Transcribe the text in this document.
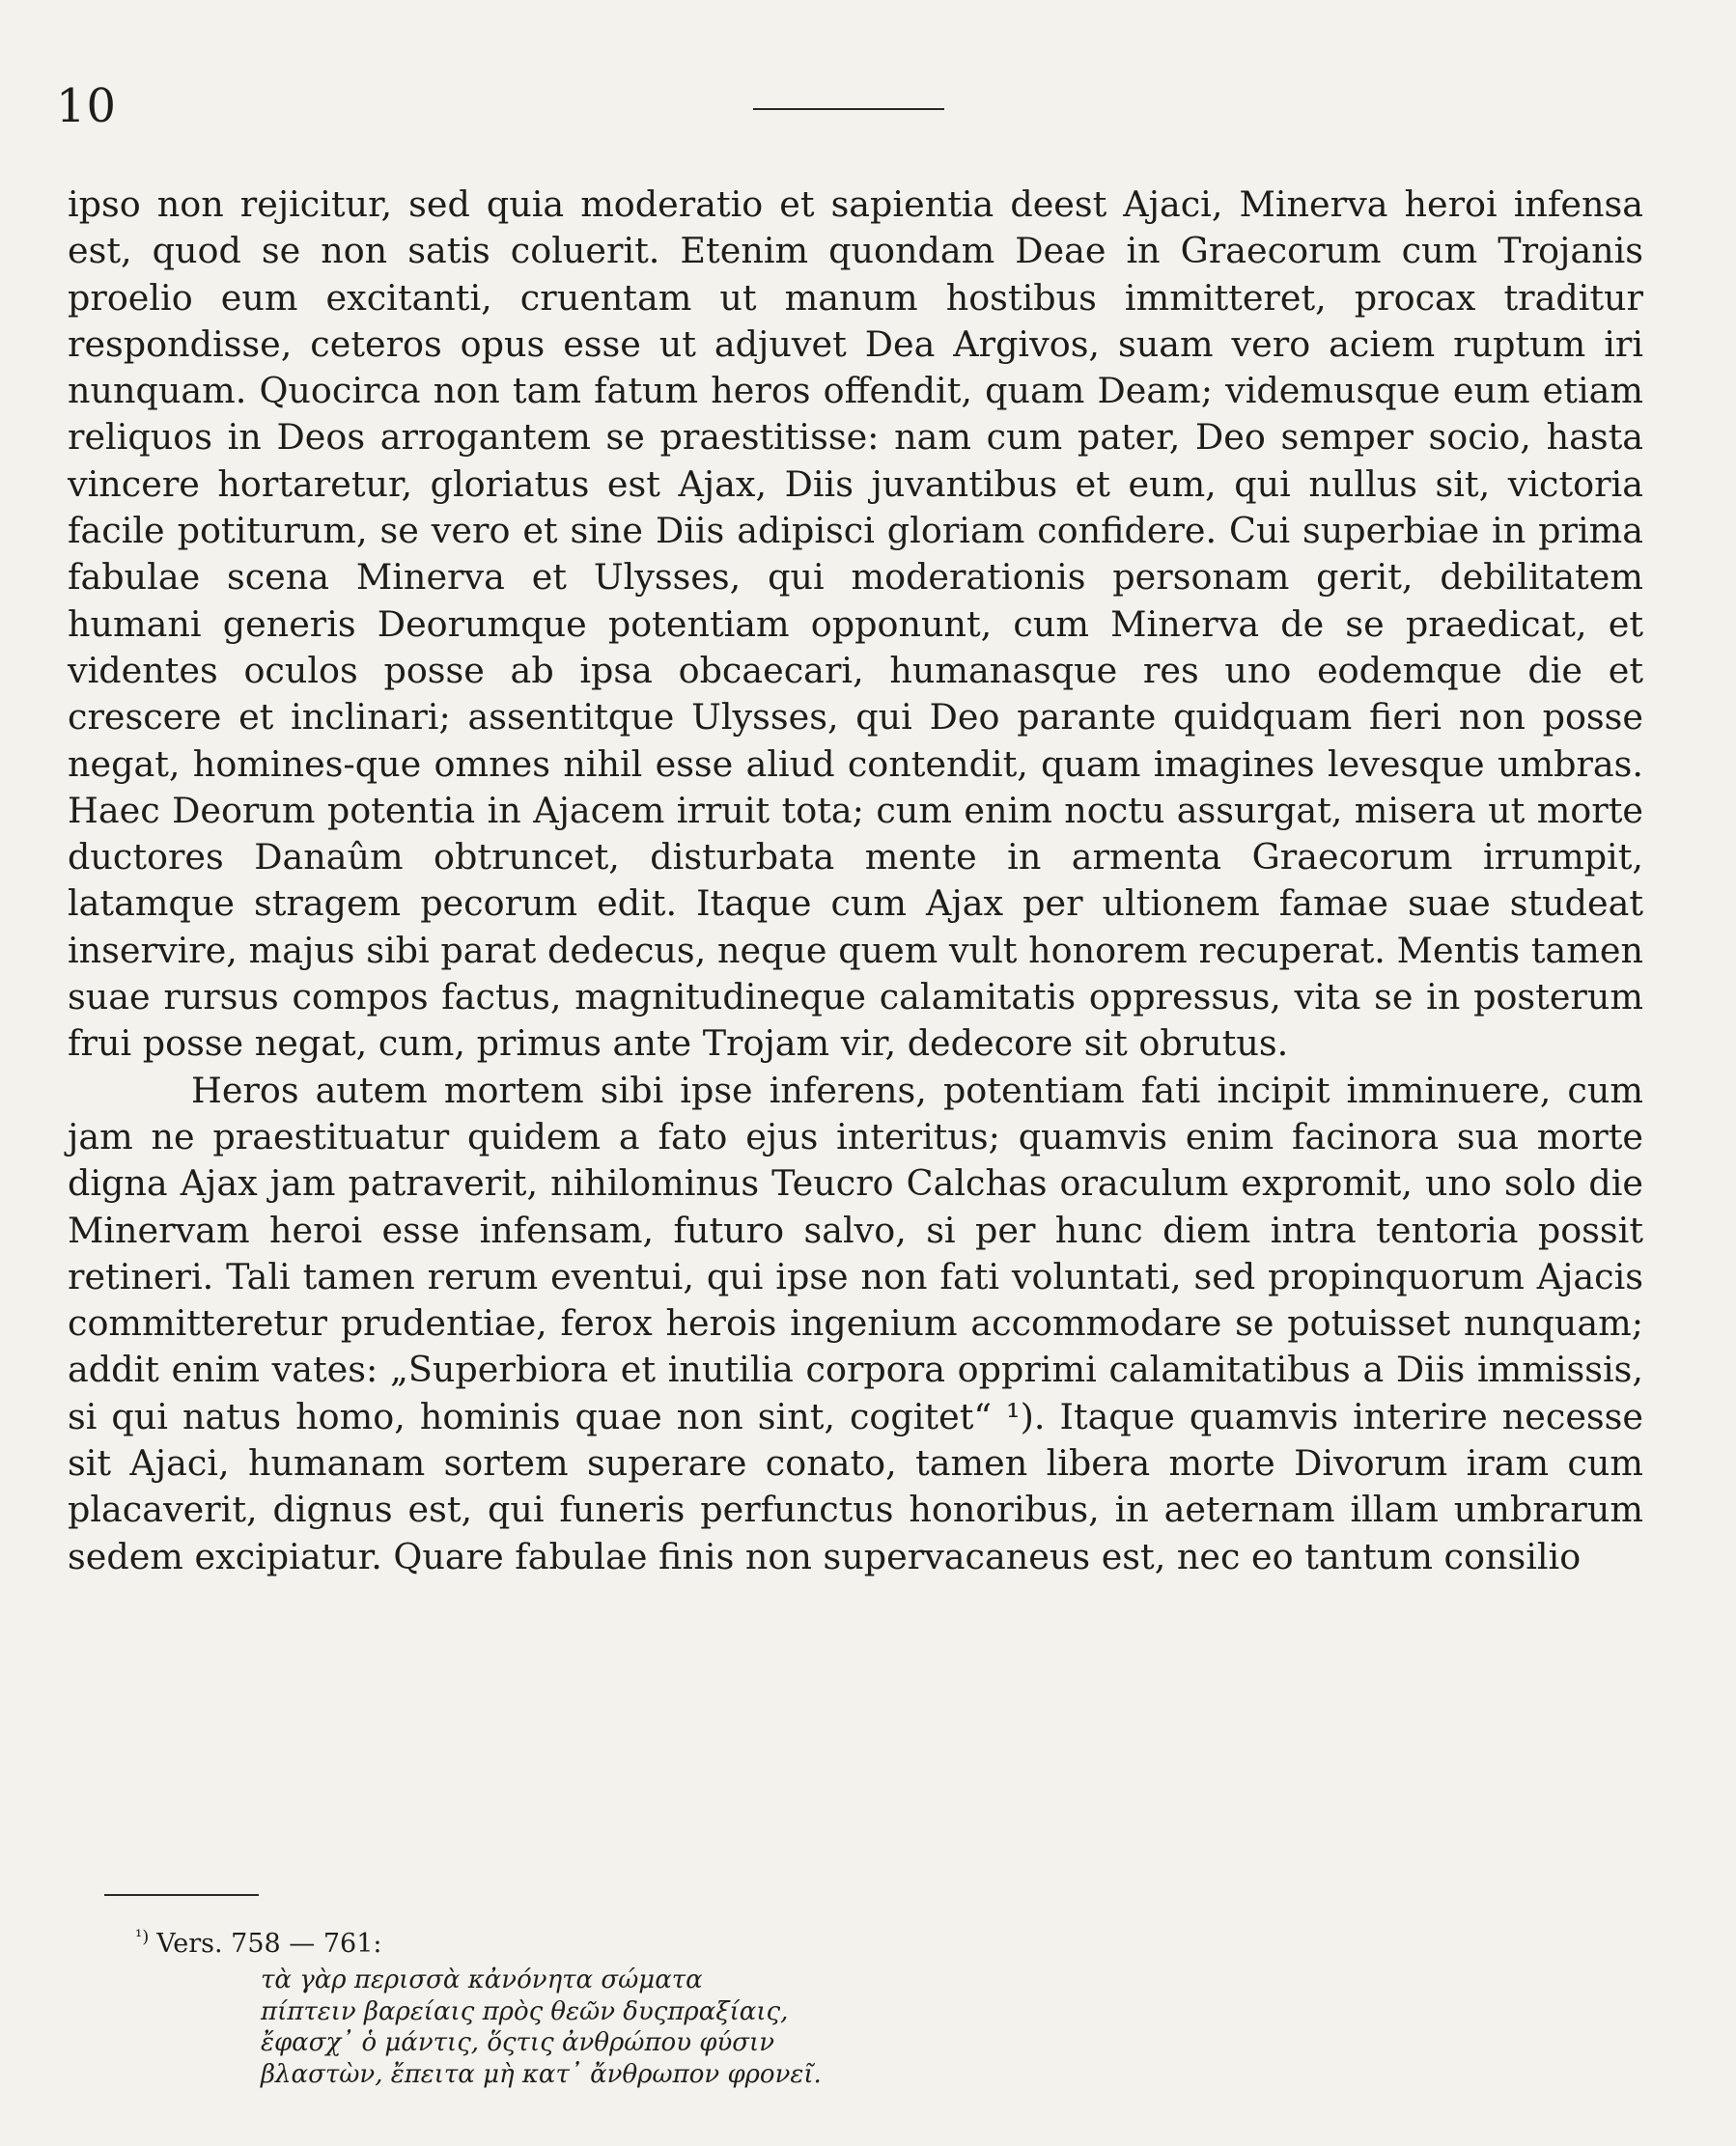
10

ipso non rejicitur, sed quia moderatio et sapientia deest Ajaci, Minerva heroi infensa est, quod se non satis coluerit. Etenim quondam Deae in Graecorum cum Trojanis proelio eum excitanti, cruentam ut manum hostibus immitteret, procax traditur respondisse, ceteros opus esse ut adjuvet Dea Argivos, suam vero aciem ruptum iri nunquam. Quocirca non tam fatum heros offendit, quam Deam; videmusque eum etiam reliquos in Deos arrogantem se praestitisse: nam cum pater, Deo semper socio, hasta vincere hortaretur, gloriatus est Ajax, Diis juvantibus et eum, qui nullus sit, victoria facile potiturum, se vero et sine Diis adipisci gloriam confidere. Cui superbiae in prima fabulae scena Minerva et Ulysses, qui moderationis personam gerit, debilitatem humani generis Deorumque potentiam opponunt, cum Minerva de se praedicat, et videntes oculos posse ab ipsa obcaecari, humanasque res uno eodemque die et crescere et inclinari; assentitque Ulysses, qui Deo parante quidquam fieri non posse negat, homines-que omnes nihil esse aliud contendit, quam imagines levesque umbras. Haec Deorum potentia in Ajacem irruit tota; cum enim noctu assurgat, misera ut morte ductores Danaûm obtruncet, disturbata mente in armenta Graecorum irrumpit, latamque stragem pecorum edit. Itaque cum Ajax per ultionem famae suae studeat inservire, majus sibi parat dedecus, neque quem vult honorem recuperat. Mentis tamen suae rursus compos factus, magnitudineque calamitatis oppressus, vita se in posterum frui posse negat, cum, primus ante Trojam vir, dedecore sit obrutus.

Heros autem mortem sibi ipse inferens, potentiam fati incipit imminuere, cum jam ne praestituatur quidem a fato ejus interitus; quamvis enim facinora sua morte digna Ajax jam patraverit, nihilominus Teucro Calchas oraculum expromit, uno solo die Minervam heroi esse infensam, futuro salvo, si per hunc diem intra tentoria possit retineri. Tali tamen rerum eventui, qui ipse non fati voluntati, sed propinquorum Ajacis committeretur prudentiae, ferox herois ingenium accommodare se potuisset nunquam; addit enim vates: „Superbiora et inutilia corpora opprimi calamitatibus a Diis immissis, si qui natus homo, hominis quae non sint, cogitet“ ¹). Itaque quamvis interire necesse sit Ajaci, humanam sortem superare conato, tamen libera morte Divorum iram cum placaverit, dignus est, qui funeris perfunctus honoribus, in aeternam illam umbrarum sedem excipiatur. Quare fabulae finis non supervacaneus est, nec eo tantum consilio

$^{^1)}$ Vers. 758 — 761:
τὰ γὰρ περισσὰ κἀνόνητα σώματα
πίπτειν βαρείαις πρὸς θεῶν δυςπραξίαις,
ἔφασχ᾽ ὁ μάντις, ὅςτις ἀνθρώπου φύσιν
βλαστὼν, ἔπειτα μὴ κατ᾽ ἄνθρωπον φρονεῖ.
